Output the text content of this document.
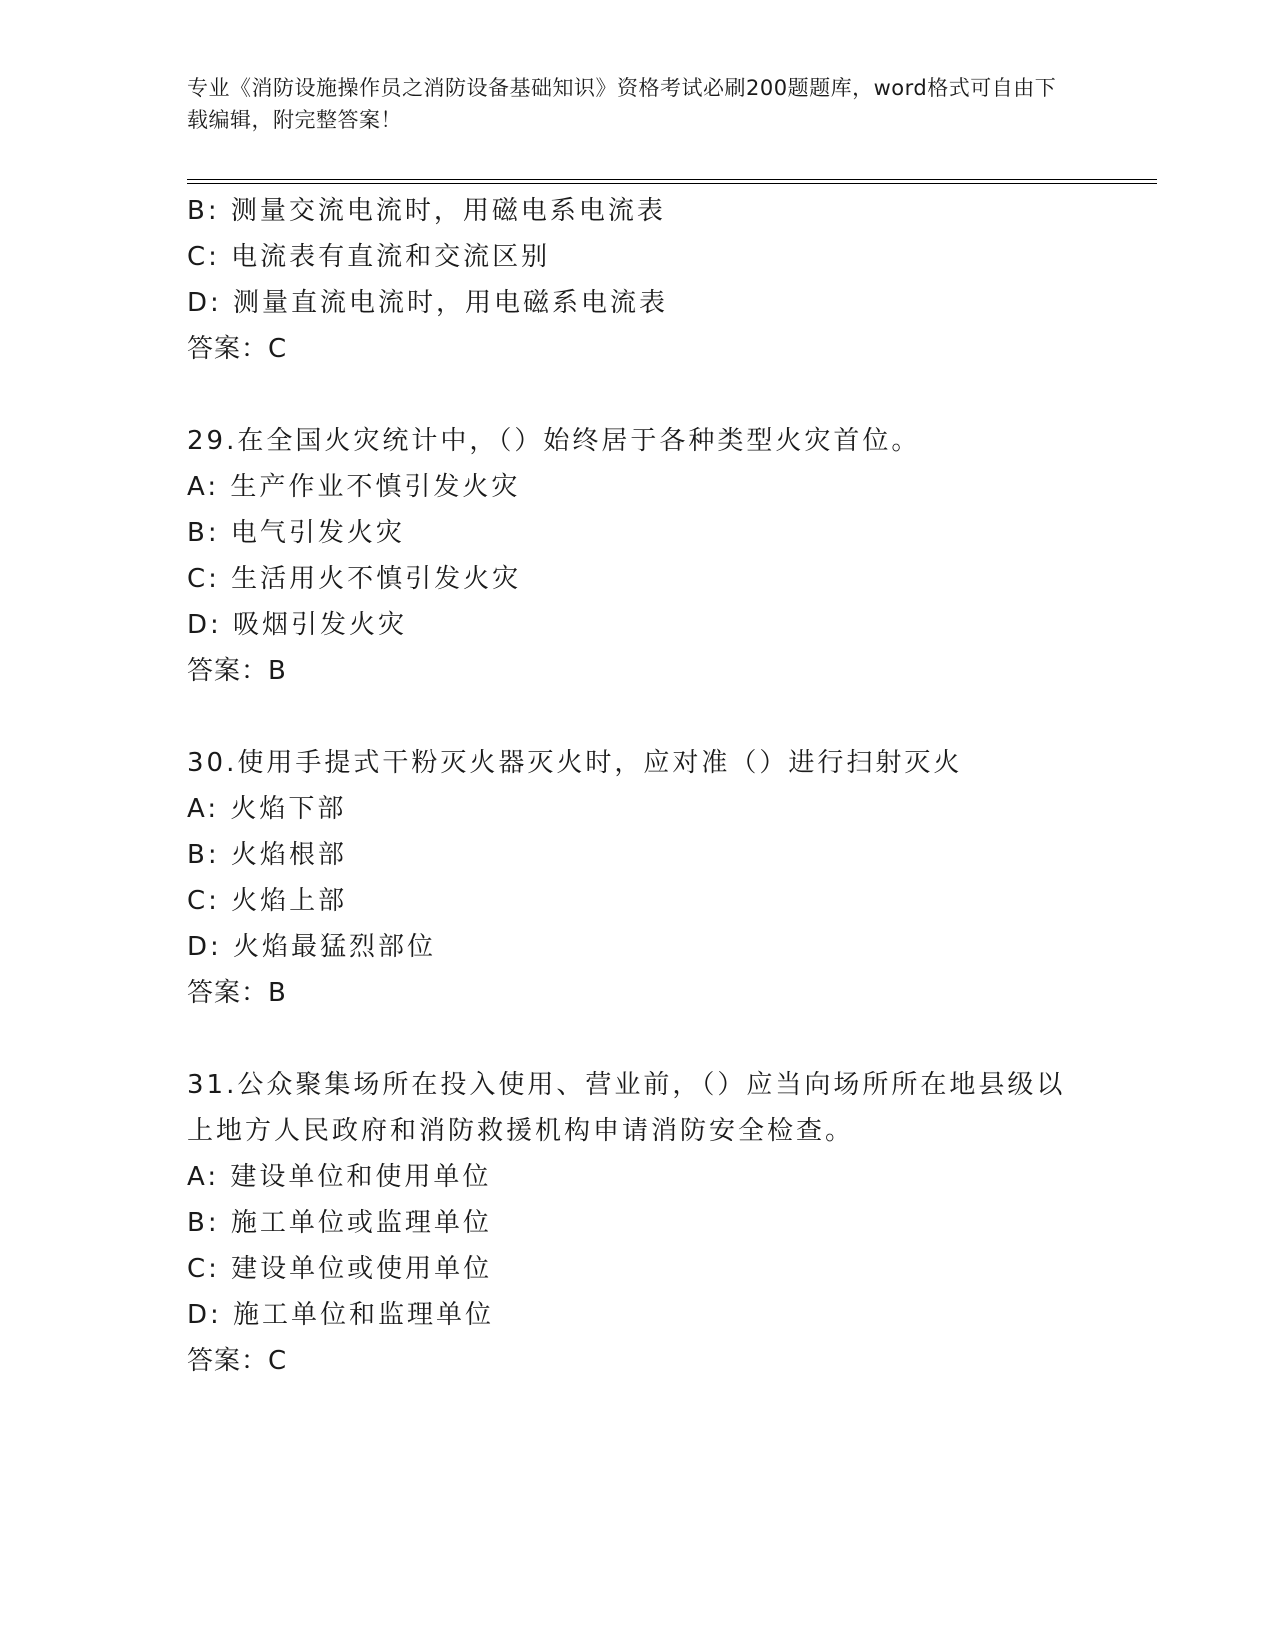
专业《消防设施操作员之消防设备基础知识》资格考试必刷200题题库，word格式可自由下载编辑，附完整答案！
B: 测量交流电流时，用磁电系电流表
C: 电流表有直流和交流区别
D: 测量直流电流时，用电磁系电流表
答案：C
29.在全国火灾统计中，（）始终居于各种类型火灾首位。
A: 生产作业不慎引发火灾
B: 电气引发火灾
C: 生活用火不慎引发火灾
D: 吸烟引发火灾
答案：B
30.使用手提式干粉灭火器灭火时，应对准（）进行扫射灭火
A: 火焰下部
B: 火焰根部
C: 火焰上部
D: 火焰最猛烈部位
答案：B
31.公众聚集场所在投入使用、营业前，（）应当向场所所在地县级以
上地方人民政府和消防救援机构申请消防安全检查。
A: 建设单位和使用单位
B: 施工单位或监理单位
C: 建设单位或使用单位
D: 施工单位和监理单位
答案：C
